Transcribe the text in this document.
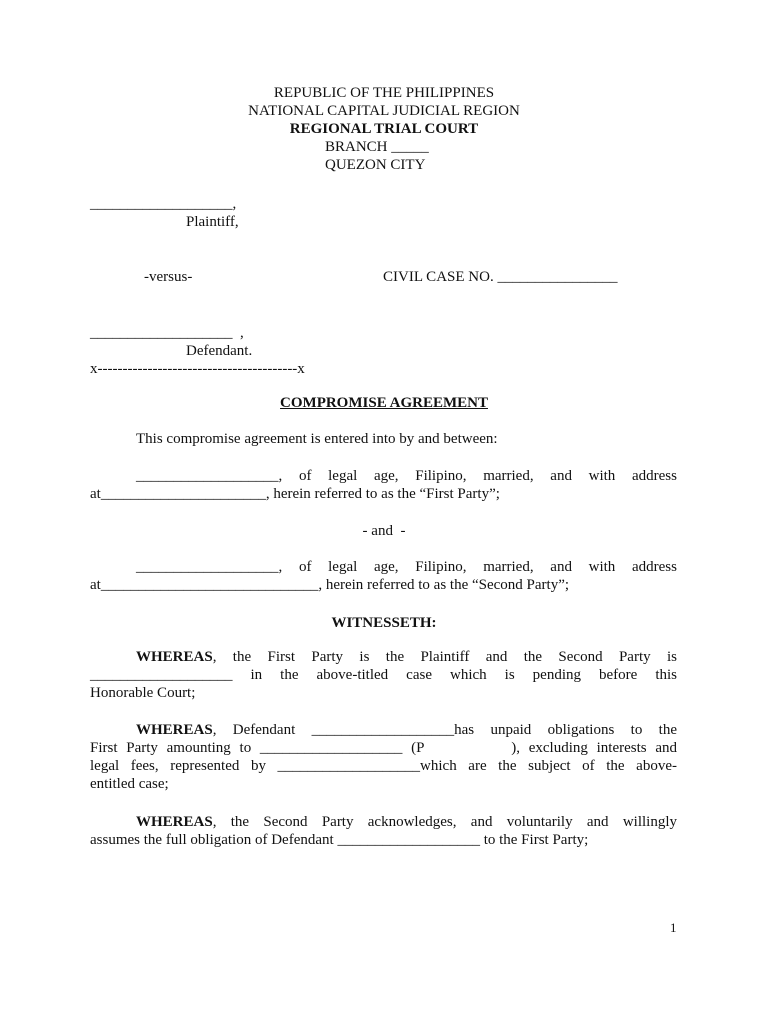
REPUBLIC OF THE PHILIPPINES
NATIONAL CAPITAL JUDICIAL REGION
REGIONAL TRIAL COURT
BRANCH _____
QUEZON CITY
___________________,
Plaintiff,
-versus-	CIVIL CASE NO. ________________
___________________  ,
Defendant.
x----------------------------------------x
COMPROMISE AGREEMENT
This compromise agreement is entered into by and between:
___________________, of legal age, Filipino, married, and with address
at______________________, herein referred to as the “First Party”;
- and  -
___________________, of legal age, Filipino, married, and with address
at_____________________________, herein referred to as the “Second Party”;
WITNESSETH:
WHEREAS, the First Party is the Plaintiff and the Second Party is
___________________ in the above-titled case which is pending before this
Honorable Court;
WHEREAS, Defendant ___________________has unpaid obligations to the
First Party amounting to ___________________ (P          ), excluding interests and
legal fees, represented by ___________________which are the subject of the above-
entitled case;
WHEREAS, the Second Party acknowledges, and voluntarily and willingly
assumes the full obligation of Defendant ___________________ to the First Party;
1
